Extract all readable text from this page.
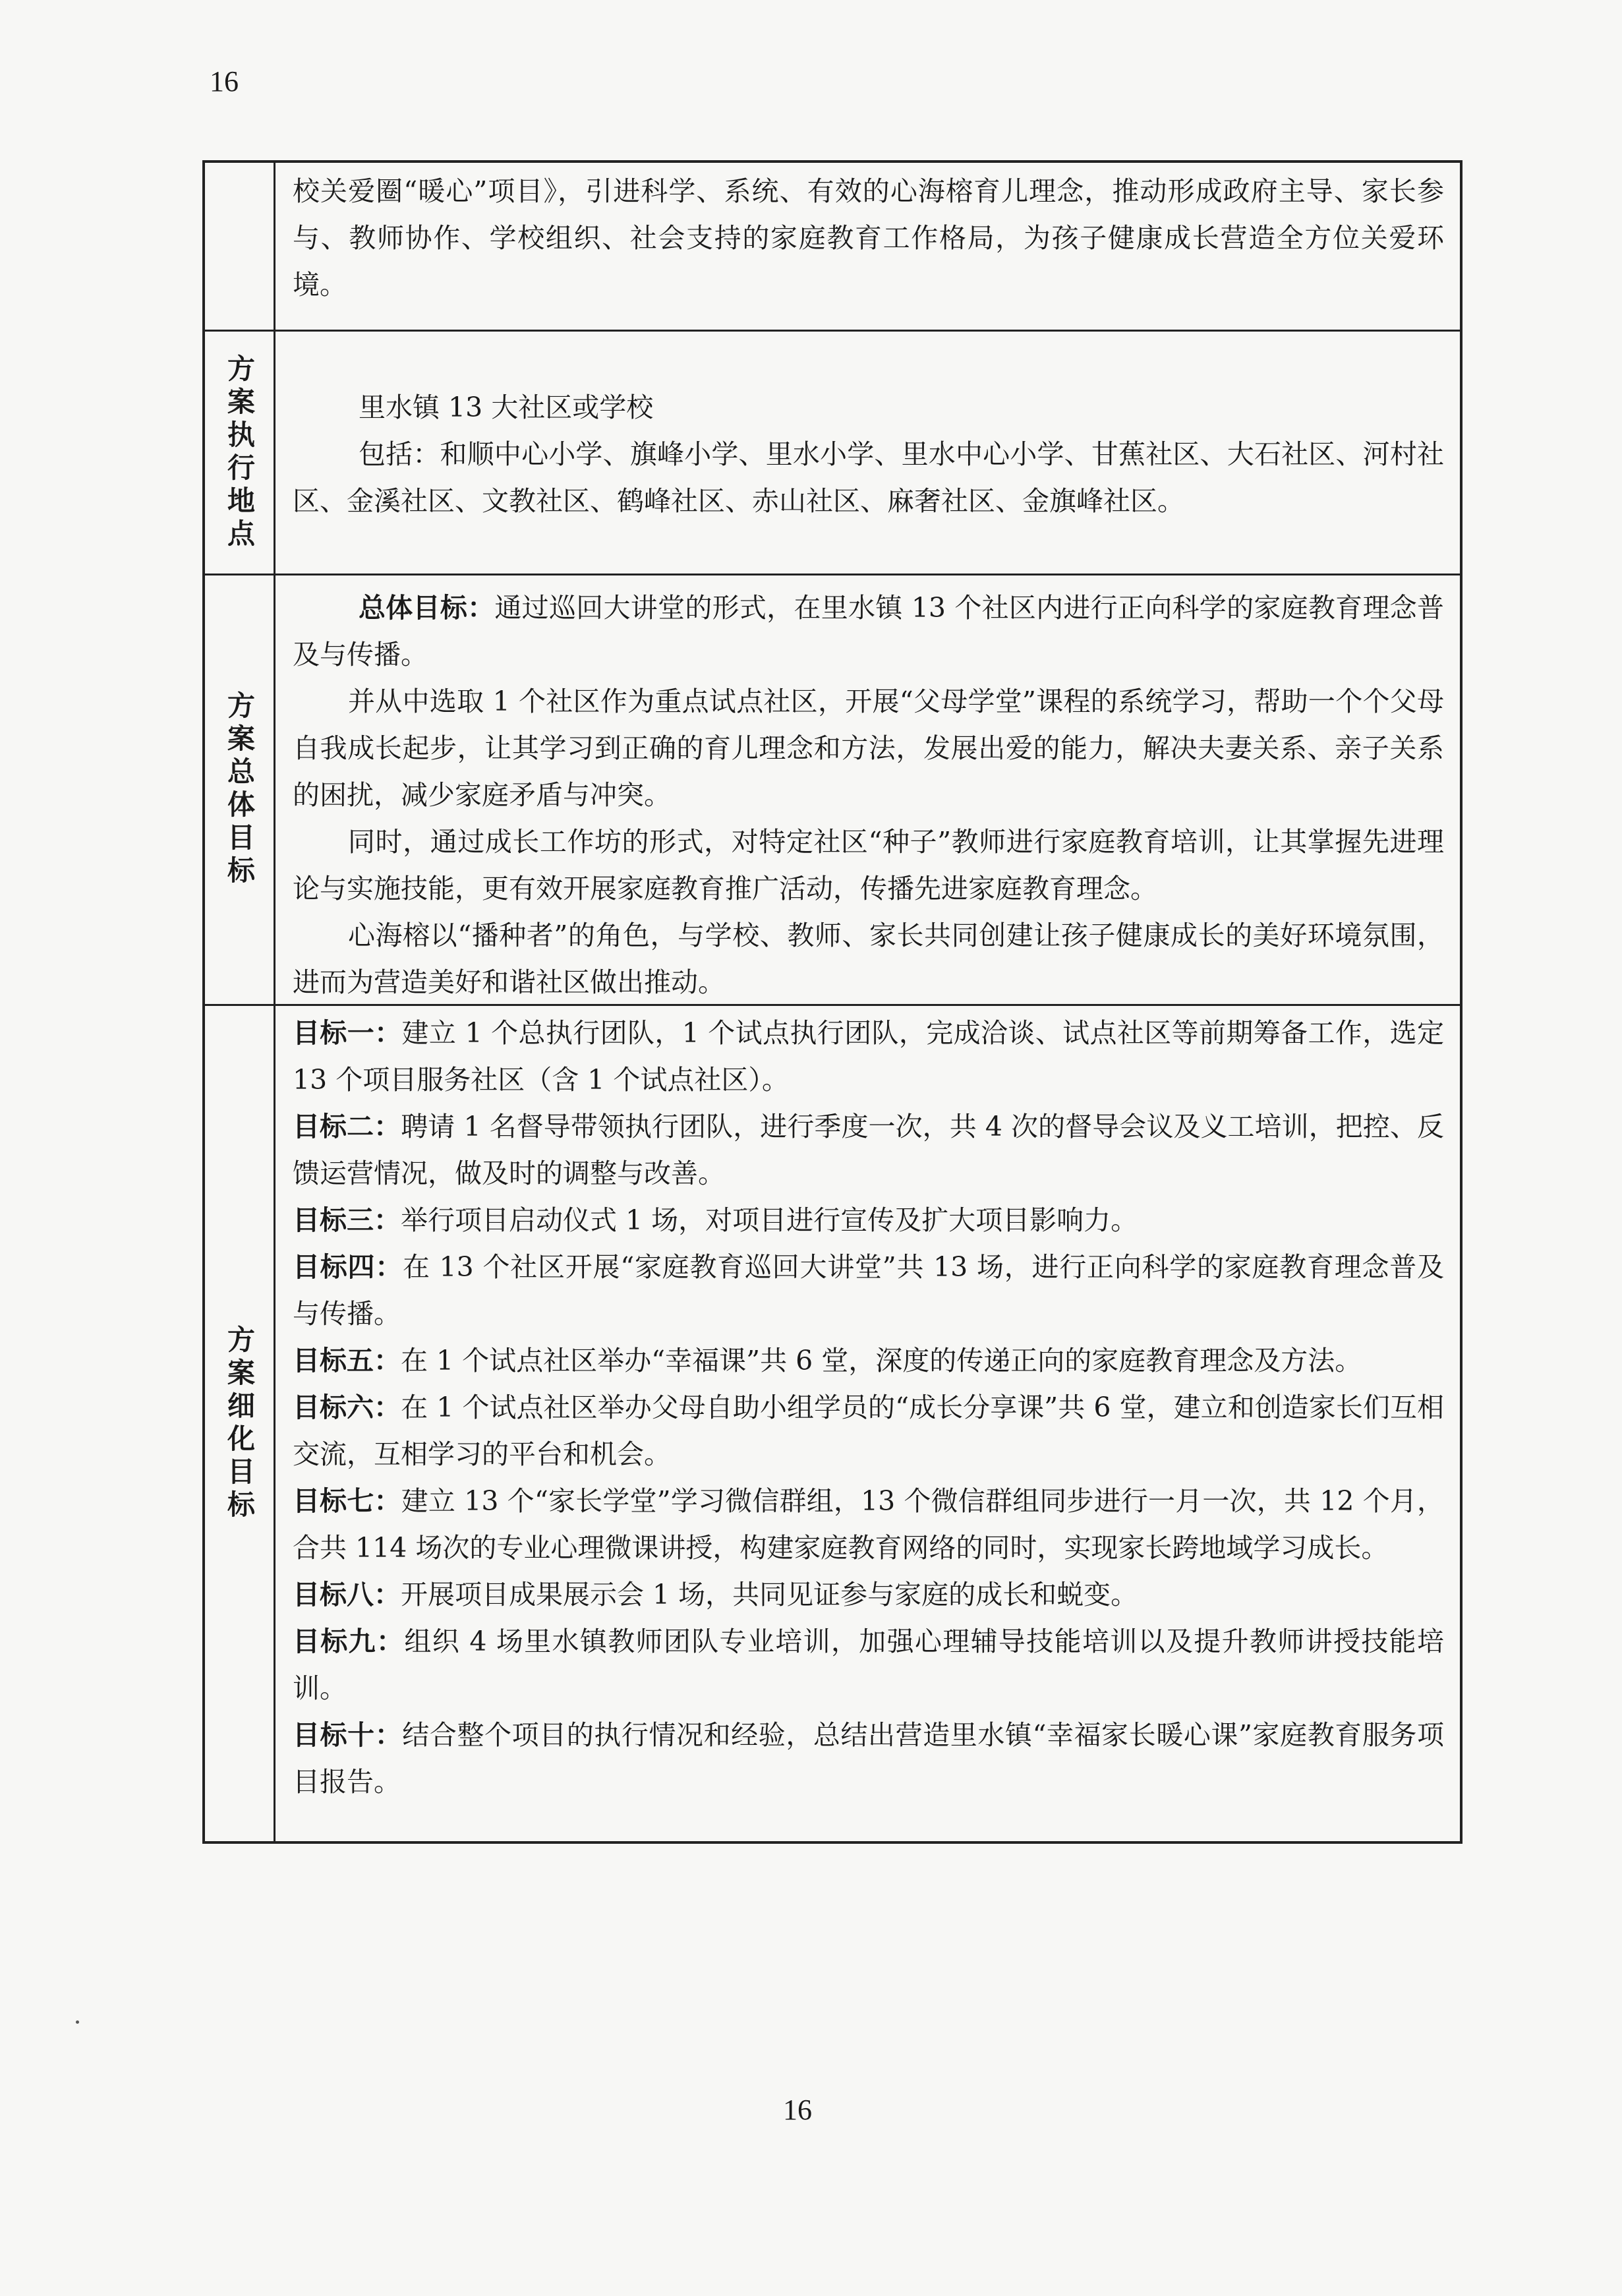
16

校关爱圈“暖心”项目》，引进科学、系统、有效的心海榕育儿理念，推动形成政府主导、家长参与、教师协作、学校组织、社会支持的家庭教育工作格局，为孩子健康成长营造全方位关爱环境。

方案执行地点	里水镇 13 大社区或学校

包括：和顺中心小学、旗峰小学、里水小学、里水中心小学、甘蕉社区、大石社区、河村社区、金溪社区、文教社区、鹤峰社区、赤山社区、麻奢社区、金旗峰社区。

方案总体目标

总体目标：通过巡回大讲堂的形式，在里水镇 13 个社区内进行正向科学的家庭教育理念普及与传播。

并从中选取 1 个社区作为重点试点社区，开展“父母学堂”课程的系统学习，帮助一个个父母自我成长起步，让其学习到正确的育儿理念和方法，发展出爱的能力，解决夫妻关系、亲子关系的困扰，减少家庭矛盾与冲突。

同时，通过成长工作坊的形式，对特定社区“种子”教师进行家庭教育培训，让其掌握先进理论与实施技能，更有效开展家庭教育推广活动，传播先进家庭教育理念。

心海榕以“播种者”的角色，与学校、教师、家长共同创建让孩子健康成长的美好环境氛围，进而为营造美好和谐社区做出推动。

方案细化目标

目标一：建立 1 个总执行团队，1 个试点执行团队，完成洽谈、试点社区等前期筹备工作，选定 13 个项目服务社区（含 1 个试点社区）。

目标二：聘请 1 名督导带领执行团队，进行季度一次，共 4 次的督导会议及义工培训，把控、反馈运营情况，做及时的调整与改善。

目标三：举行项目启动仪式 1 场，对项目进行宣传及扩大项目影响力。

目标四：在 13 个社区开展“家庭教育巡回大讲堂”共 13 场，进行正向科学的家庭教育理念普及与传播。

目标五：在 1 个试点社区举办“幸福课”共 6 堂，深度的传递正向的家庭教育理念及方法。

目标六：在 1 个试点社区举办父母自助小组学员的“成长分享课”共 6 堂，建立和创造家长们互相交流，互相学习的平台和机会。

目标七：建立 13 个“家长学堂”学习微信群组，13 个微信群组同步进行一月一次，共 12 个月，合共 114 场次的专业心理微课讲授，构建家庭教育网络的同时，实现家长跨地域学习成长。

目标八：开展项目成果展示会 1 场，共同见证参与家庭的成长和蜕变。

目标九：组织 4 场里水镇教师团队专业培训，加强心理辅导技能培训以及提升教师讲授技能培训。

目标十：结合整个项目的执行情况和经验，总结出营造里水镇“幸福家长暖心课”家庭教育服务项目报告。

16
